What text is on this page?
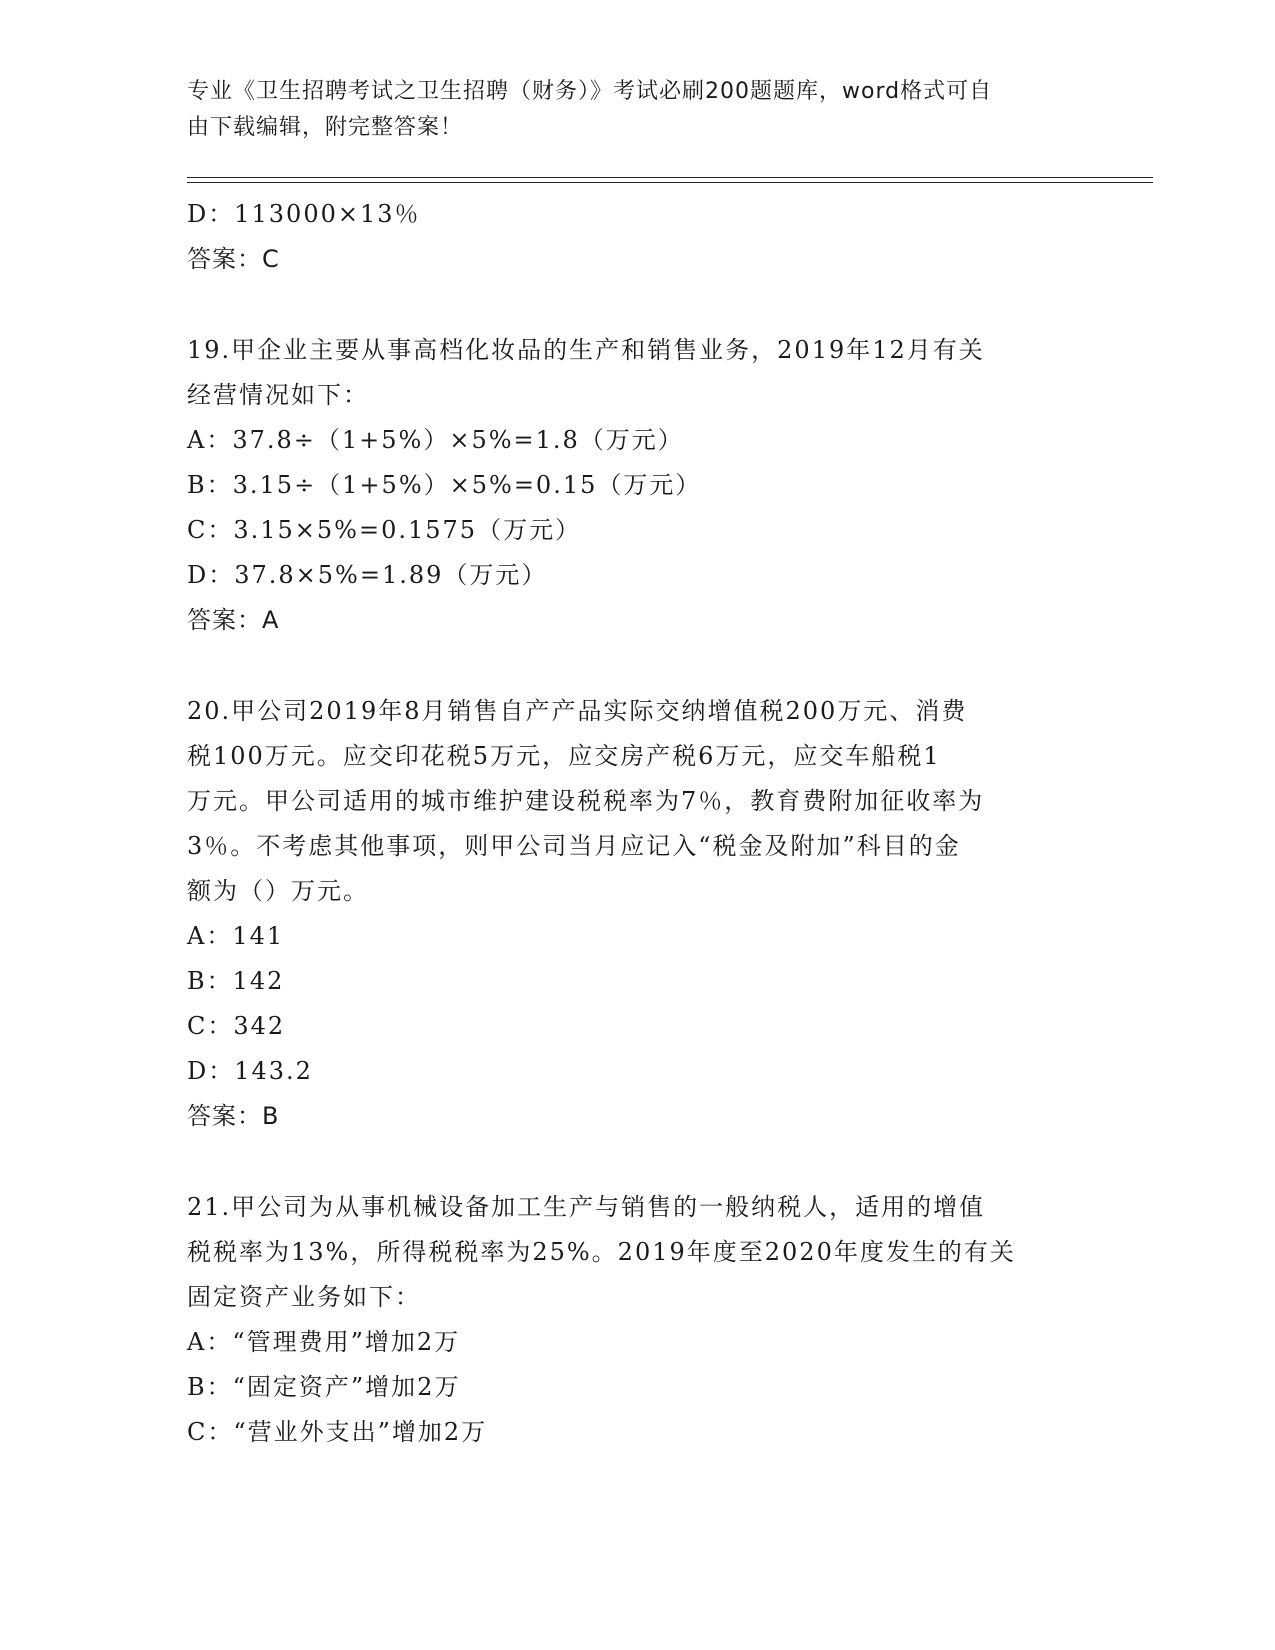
专业《卫生招聘考试之卫生招聘（财务）》考试必刷200题题库，word格式可自
由下载编辑，附完整答案！
D：113000×13％
答案：C
19.甲企业主要从事高档化妆品的生产和销售业务，2019年12月有关
经营情况如下：
A：37.8÷（1+5%）×5%=1.8（万元）
B：3.15÷（1+5%）×5%=0.15（万元）
C：3.15×5%=0.1575（万元）
D：37.8×5%=1.89（万元）
答案：A
20.甲公司2019年8月销售自产产品实际交纳增值税200万元、消费
税100万元。应交印花税5万元，应交房产税6万元，应交车船税1
万元。甲公司适用的城市维护建设税税率为7％，教育费附加征收率为
3％。不考虑其他事项，则甲公司当月应记入“税金及附加”科目的金
额为（）万元。
A：141
B：142
C：342
D：143.2
答案：B
21.甲公司为从事机械设备加工生产与销售的一般纳税人，适用的增值
税税率为13%，所得税税率为25%。2019年度至2020年度发生的有关
固定资产业务如下：
A：“管理费用”增加2万
B：“固定资产”增加2万
C：“营业外支出”增加2万
